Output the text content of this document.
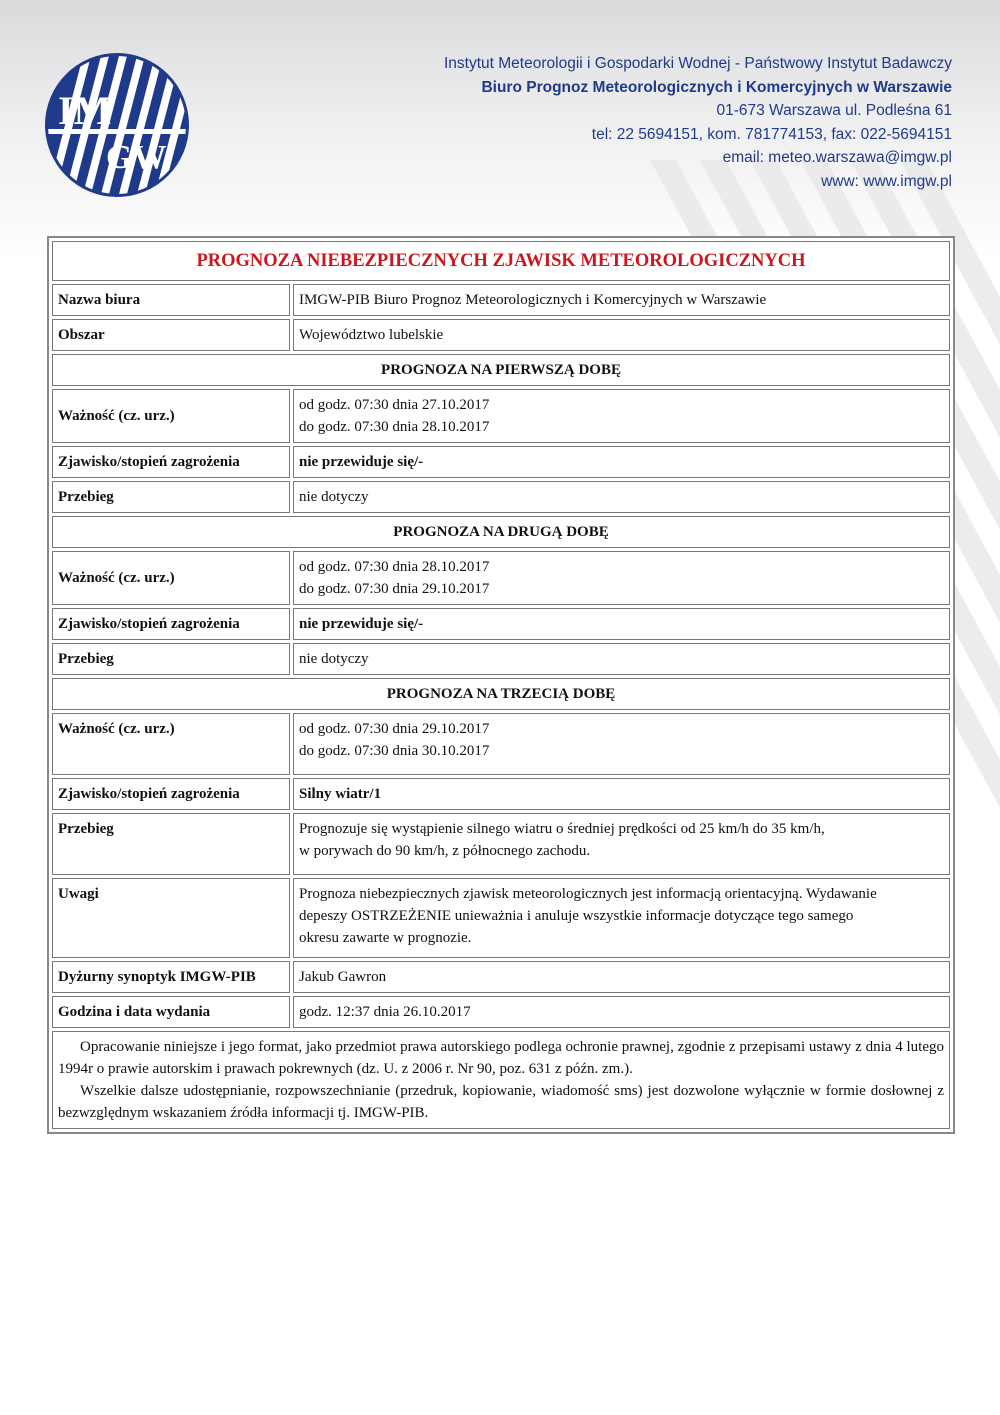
IM
GW
Instytut Meteorologii i Gospodarki Wodnej - Państwowy Instytut Badawczy
Biuro Prognoz Meteorologicznych i Komercyjnych w Warszawie
01-673 Warszawa ul. Podleśna 61
tel: 22 5694151, kom. 781774153, fax: 022-5694151
email: meteo.warszawa@imgw.pl
www: www.imgw.pl
PROGNOZA NIEBEZPIECZNYCH ZJAWISK METEOROLOGICZNYCH	
Nazwa biura	IMGW-PIB Biuro Prognoz Meteorologicznych i Komercyjnych w Warszawie
Obszar	Województwo lubelskie
PROGNOZA NA PIERWSZĄ DOBĘ	
Ważność (cz. urz.)	od godz. 07:30 dnia 27.10.2017
do godz. 07:30 dnia 28.10.2017

Zjawisko/stopień zagrożenia	nie przewiduje się/-
Przebieg	nie dotyczy
PROGNOZA NA DRUGĄ DOBĘ	
Ważność (cz. urz.)	od godz. 07:30 dnia 28.10.2017
do godz. 07:30 dnia 29.10.2017

Zjawisko/stopień zagrożenia	nie przewiduje się/-
Przebieg	nie dotyczy
PROGNOZA NA TRZECIĄ DOBĘ	
Ważność (cz. urz.)	od godz. 07:30 dnia 29.10.2017
do godz. 07:30 dnia 30.10.2017

Zjawisko/stopień zagrożenia	Silny wiatr/1
Przebieg	Prognozuje się wystąpienie silnego wiatru o średniej prędkości od 25 km/h do 35 km/h,
w porywach do 90 km/h, z północnego zachodu.

Uwagi	Prognoza niebezpiecznych zjawisk meteorologicznych jest informacją orientacyjną. Wydawanie
depeszy OSTRZEŻENIE unieważnia i anuluje wszystkie informacje dotyczące tego samego
okresu zawarte w prognozie.

Dyżurny synoptyk IMGW-PIB	Jakub Gawron
Godzina i data wydania	godz. 12:37 dnia 26.10.2017

Opracowanie niniejsze i jego format, jako przedmiot prawa autorskiego podlega ochronie prawnej, zgodnie z przepisami ustawy z dnia 4 lutego 1994r o prawie autorskim i prawach pokrewnych (dz. U. z 2006 r. Nr 90, poz. 631 z późn. zm.).

Wszelkie dalsze udostępnianie, rozpowszechnianie (przedruk, kopiowanie, wiadomość sms) jest dozwolone wyłącznie w formie dosłownej z bezwzględnym wskazaniem źródła informacji tj. IMGW-PIB.	
